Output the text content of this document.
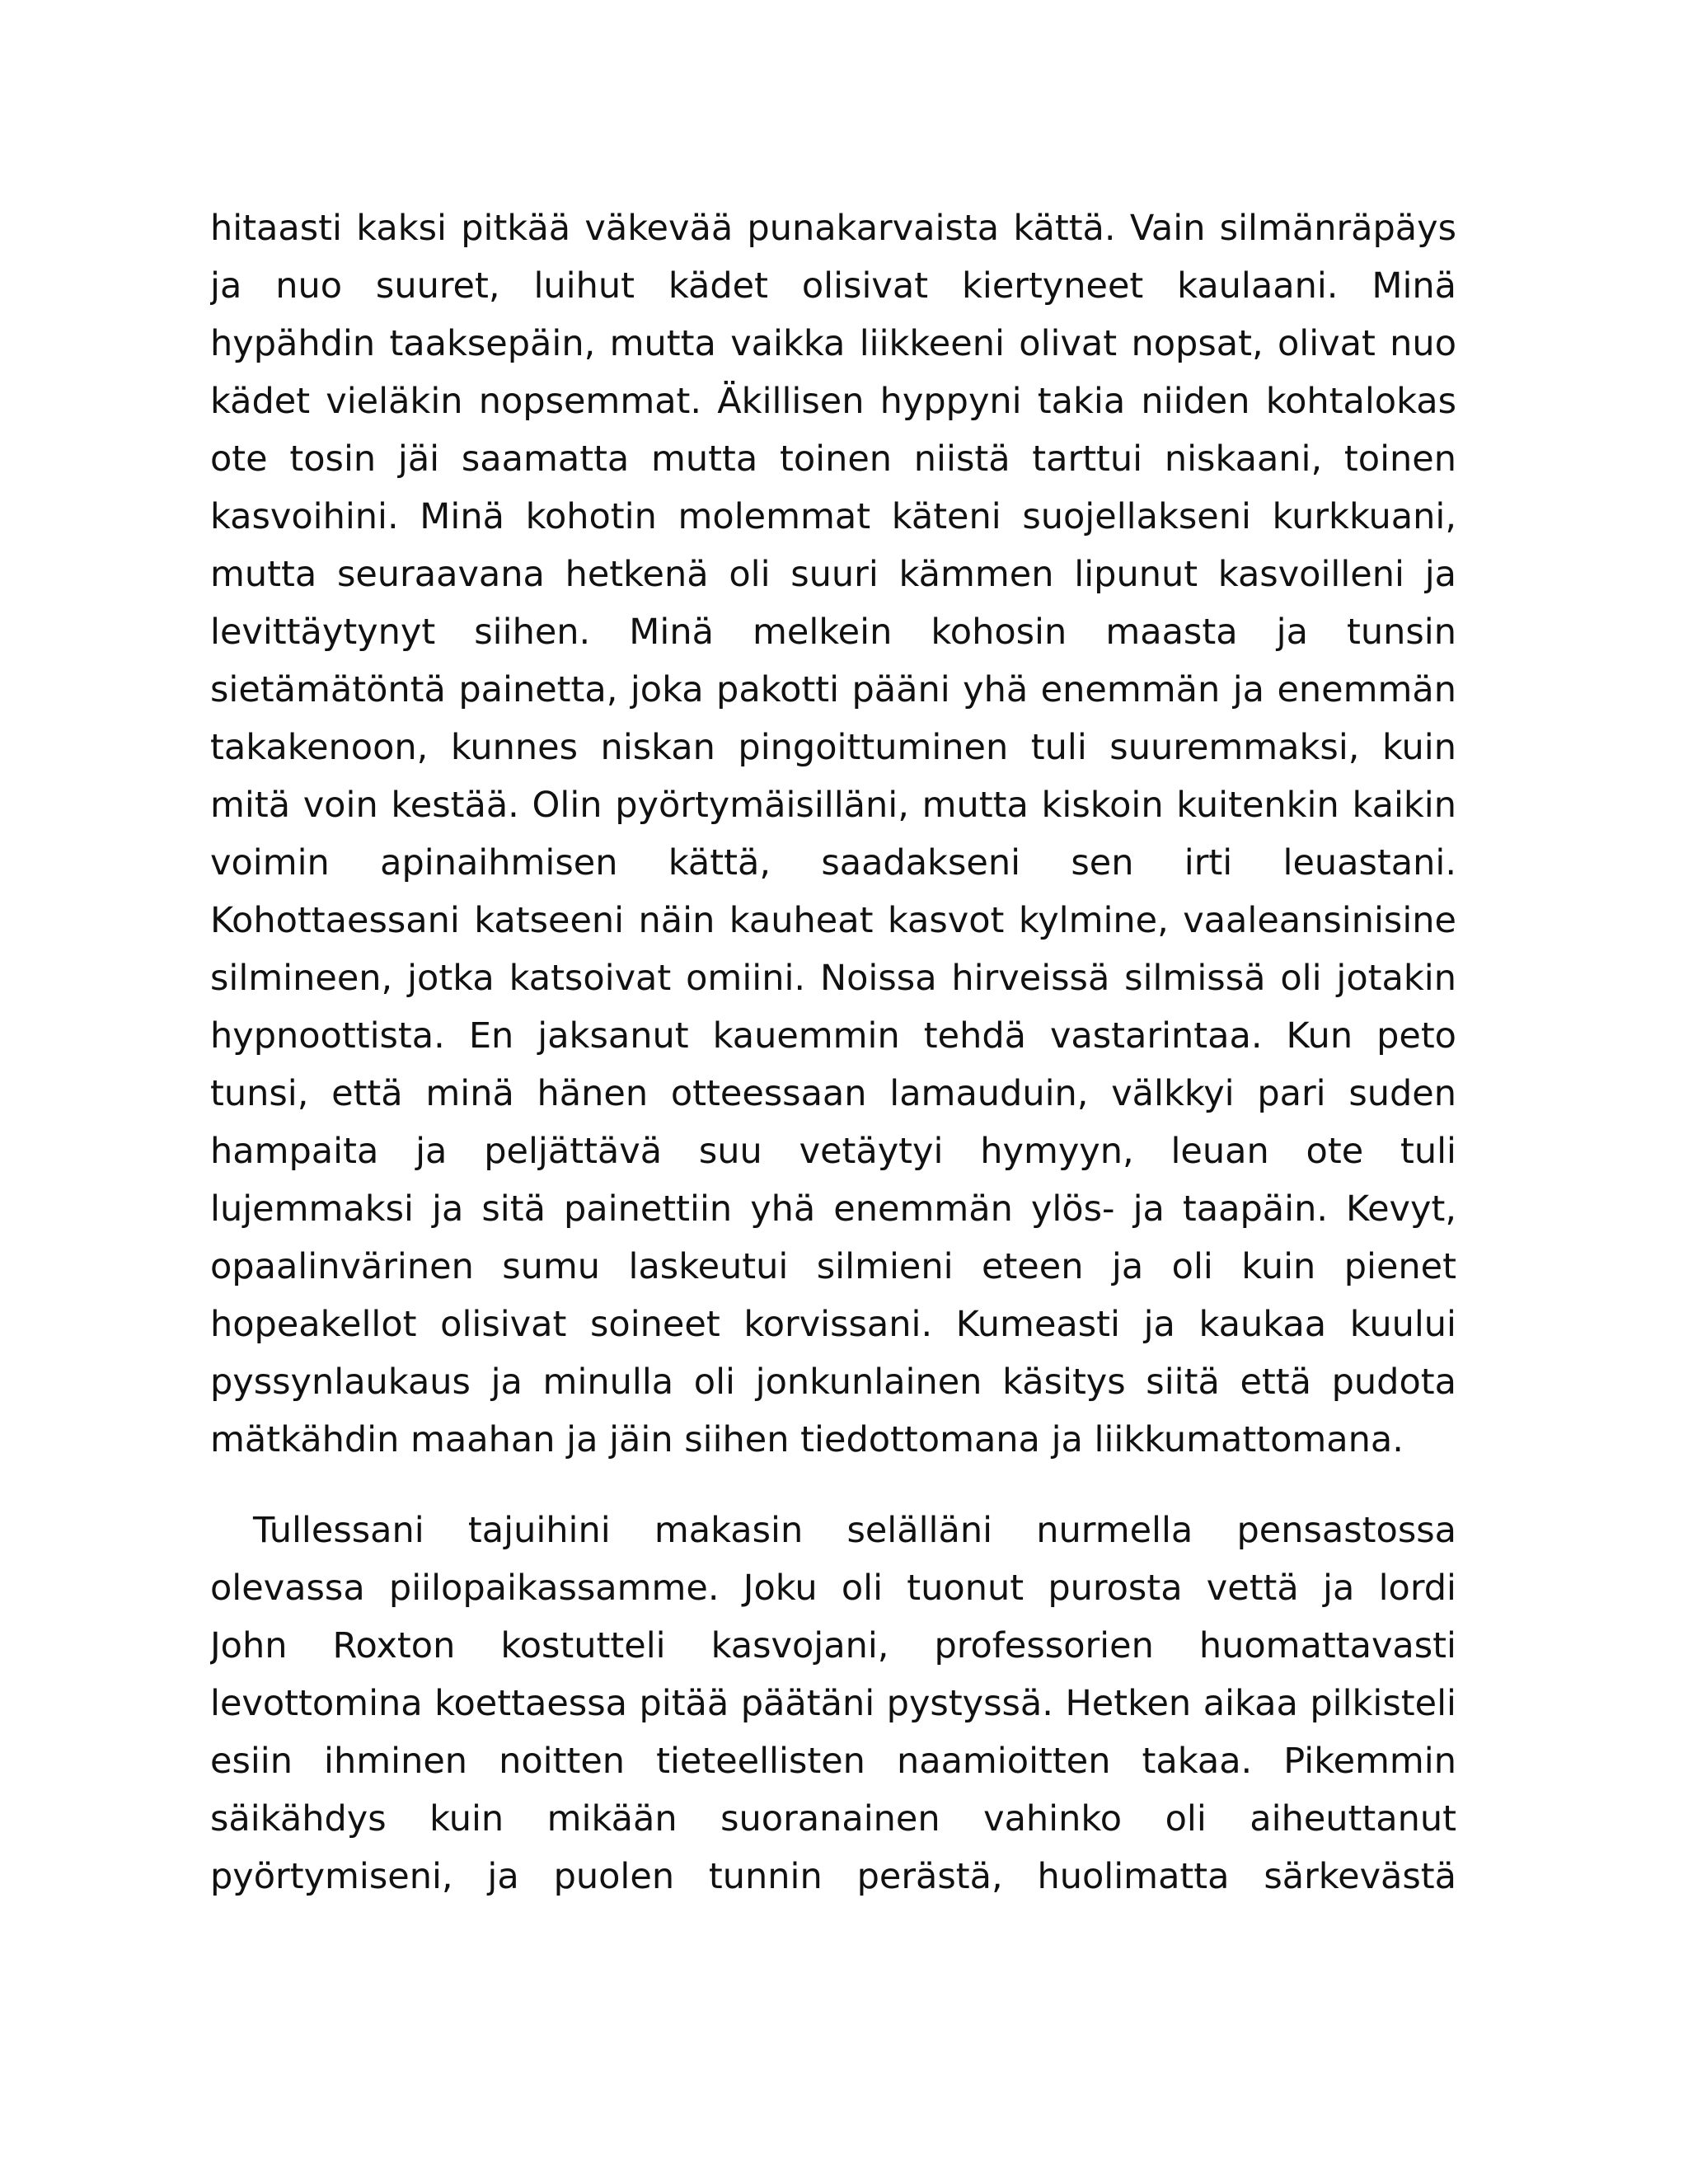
hitaasti kaksi pitkää väkevää punakarvaista kättä. Vain silmänräpäys
ja nuo suuret, luihut kädet olisivat kiertyneet kaulaani. Minä
hypähdin taaksepäin, mutta vaikka liikkeeni olivat nopsat, olivat nuo
kädet vieläkin nopsemmat. Äkillisen hyppyni takia niiden kohtalokas
ote tosin jäi saamatta mutta toinen niistä tarttui niskaani, toinen
kasvoihini. Minä kohotin molemmat käteni suojellakseni kurkkuani,
mutta seuraavana hetkenä oli suuri kämmen lipunut kasvoilleni ja
levittäytynyt siihen. Minä melkein kohosin maasta ja tunsin
sietämätöntä painetta, joka pakotti pääni yhä enemmän ja enemmän
takakenoon, kunnes niskan pingoittuminen tuli suuremmaksi, kuin
mitä voin kestää. Olin pyörtymäisilläni, mutta kiskoin kuitenkin kaikin
voimin apinaihmisen kättä, saadakseni sen irti leuastani.
Kohottaessani katseeni näin kauheat kasvot kylmine, vaaleansinisine
silmineen, jotka katsoivat omiini. Noissa hirveissä silmissä oli jotakin
hypnoottista. En jaksanut kauemmin tehdä vastarintaa. Kun peto
tunsi, että minä hänen otteessaan lamauduin, välkkyi pari suden
hampaita ja peljättävä suu vetäytyi hymyyn, leuan ote tuli
lujemmaksi ja sitä painettiin yhä enemmän ylös- ja taapäin. Kevyt,
opaalinvärinen sumu laskeutui silmieni eteen ja oli kuin pienet
hopeakellot olisivat soineet korvissani. Kumeasti ja kaukaa kuului
pyssynlaukaus ja minulla oli jonkunlainen käsitys siitä että pudota
mätkähdin maahan ja jäin siihen tiedottomana ja liikkumattomana.
Tullessani tajuihini makasin selälläni nurmella pensastossa
olevassa piilopaikassamme. Joku oli tuonut purosta vettä ja lordi
John Roxton kostutteli kasvojani, professorien huomattavasti
levottomina koettaessa pitää päätäni pystyssä. Hetken aikaa pilkisteli
esiin ihminen noitten tieteellisten naamioitten takaa. Pikemmin
säikähdys kuin mikään suoranainen vahinko oli aiheuttanut
pyörtymiseni, ja puolen tunnin perästä, huolimatta särkevästä
